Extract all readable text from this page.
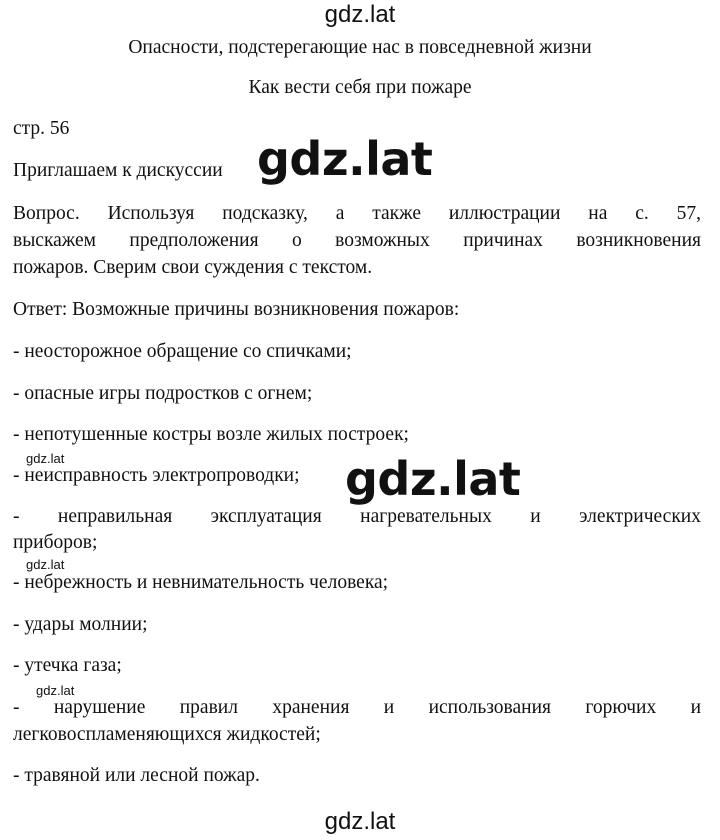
gdz.lat
Опасности, подстерегающие нас в повседневной жизни
Как вести себя при пожаре
стр. 56
Приглашаем к дискуссии gdz.lat
Вопрос. Используя подсказку, а также иллюстрации на с. 57,
выскажем предположения о возможных причинах возникновения
пожаров. Сверим свои суждения с текстом.
Ответ: Возможные причины возникновения пожаров:
- неосторожное обращение со спичками;
- опасные игры подростков с огнем;
- непотушенные костры возле жилых построек;
gdz.lat
- неисправность электропроводки; gdz.lat
- неправильная эксплуатация нагревательных и электрических
приборов;
gdz.lat
- небрежность и невнимательность человека;
- удары молнии;
- утечка газа;
gdz.lat
- нарушение правил хранения и использования горючих и
легковоспламеняющихся жидкостей;
- травяной или лесной пожар.
gdz.lat
